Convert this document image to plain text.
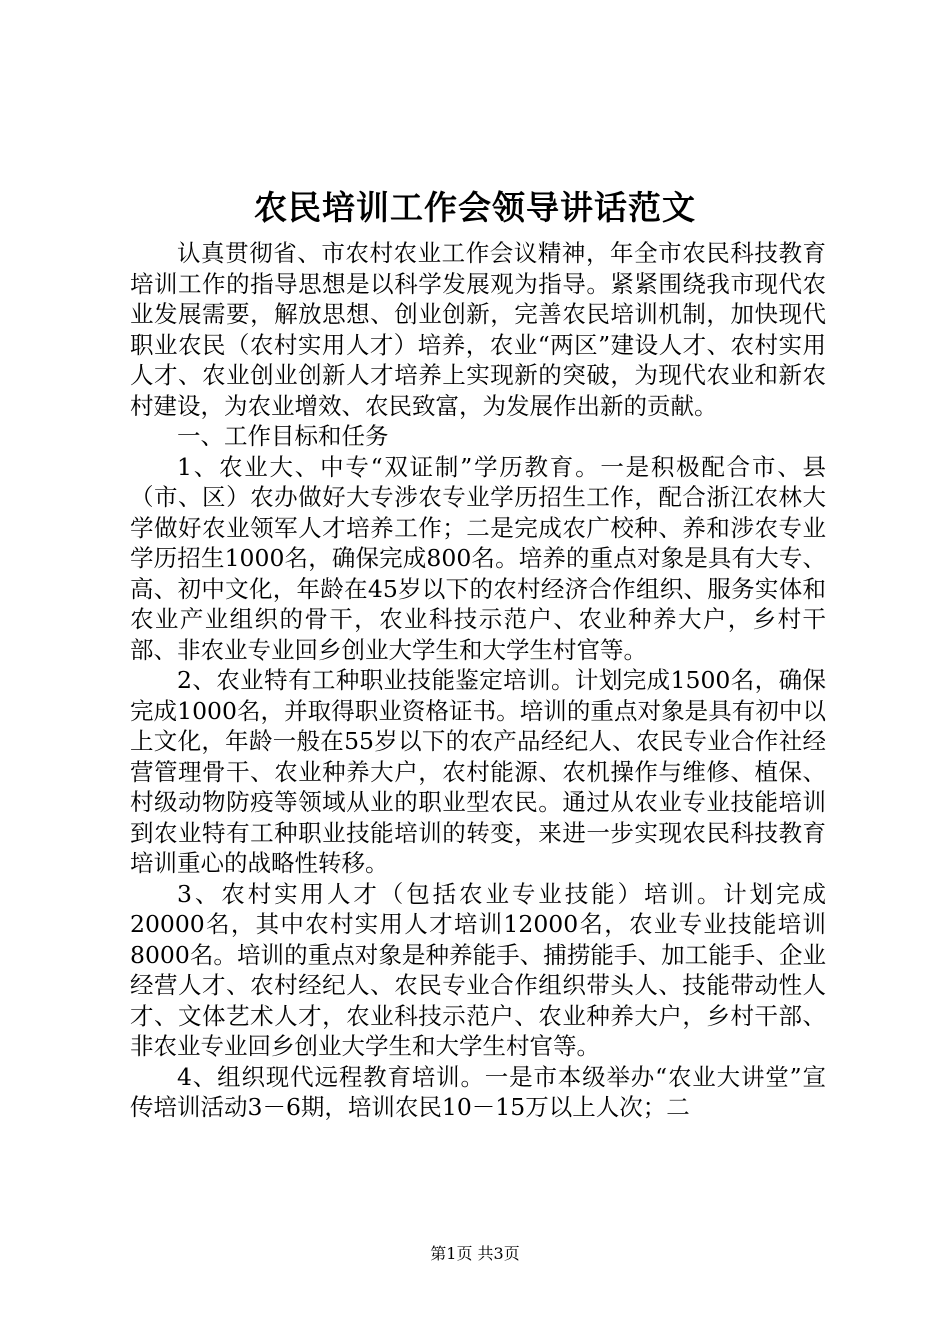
农民培训工作会领导讲话范文

认真贯彻省、市农村农业工作会议精神，年全市农民科技教育培训工作的指导思想是以科学发展观为指导。紧紧围绕我市现代农业发展需要，解放思想、创业创新，完善农民培训机制，加快现代职业农民（农村实用人才）培养，农业“两区”建设人才、农村实用人才、农业创业创新人才培养上实现新的突破，为现代农业和新农村建设，为农业增效、农民致富，为发展作出新的贡献。

一、工作目标和任务

1、农业大、中专“双证制”学历教育。一是积极配合市、县（市、区）农办做好大专涉农专业学历招生工作，配合浙江农林大学做好农业领军人才培养工作；二是完成农广校种、养和涉农专业学历招生1000名，确保完成800名。培养的重点对象是具有大专、高、初中文化，年龄在45岁以下的农村经济合作组织、服务实体和农业产业组织的骨干，农业科技示范户、农业种养大户，乡村干部、非农业专业回乡创业大学生和大学生村官等。

2、农业特有工种职业技能鉴定培训。计划完成1500名，确保完成1000名，并取得职业资格证书。培训的重点对象是具有初中以上文化，年龄一般在55岁以下的农产品经纪人、农民专业合作社经营管理骨干、农业种养大户，农村能源、农机操作与维修、植保、村级动物防疫等领域从业的职业型农民。通过从农业专业技能培训到农业特有工种职业技能培训的转变，来进一步实现农民科技教育培训重心的战略性转移。

3、农村实用人才（包括农业专业技能）培训。计划完成20000名，其中农村实用人才培训12000名，农业专业技能培训8000名。培训的重点对象是种养能手、捕捞能手、加工能手、企业经营人才、农村经纪人、农民专业合作组织带头人、技能带动性人才、文体艺术人才，农业科技示范户、农业种养大户，乡村干部、非农业专业回乡创业大学生和大学生村官等。

4、组织现代远程教育培训。一是市本级举办“农业大讲堂”宣传培训活动3－6期，培训农民10－15万以上人次；二

第1页 共3页
